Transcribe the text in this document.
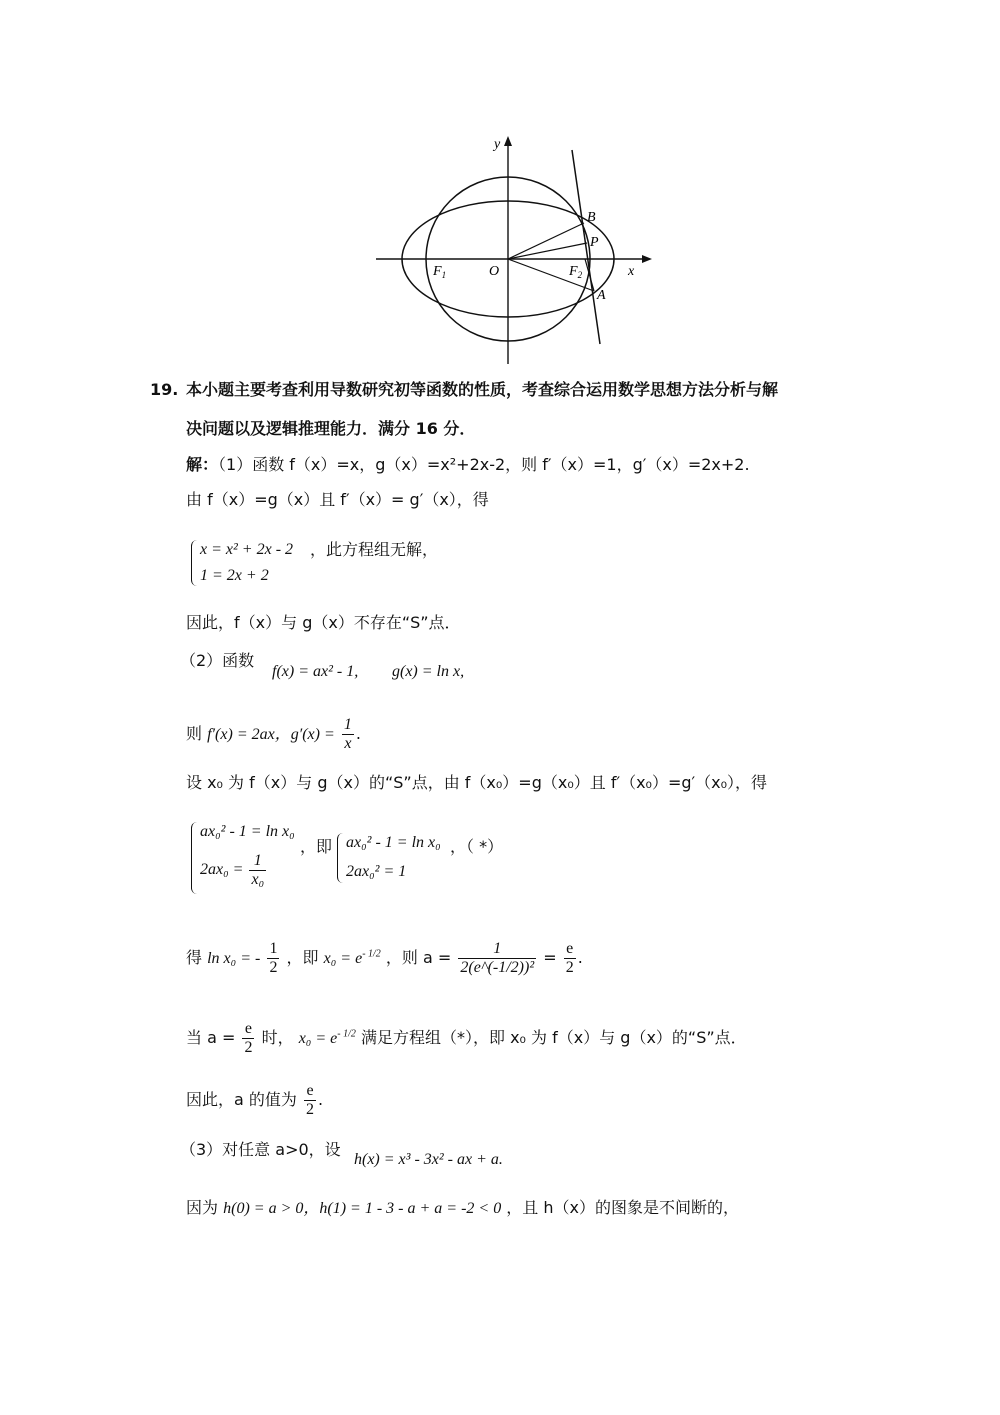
y
x
B
P
O
$F_1$	$F_2$
A
19. 本小题主要考查利用导数研究初等函数的性质，考查综合运用数学思想方法分析与解
决问题以及逻辑推理能力．满分 16 分．
解：（1）函数 f（x）=x，g（x）=x²+2x-2，则 f′（x）=1，g′（x）=2x+2.
由 f（x）=g（x）且 f′（x）= g′（x），得
x = x² + 2x - 2 ，此方程组无解，
1 = 2x + 2
因此，f（x）与 g（x）不存在“S”点．
（2）函数
f(x) = ax² - 1, g(x) = ln x,
则 f′(x) = 2ax，$g'(x) = \frac{1}{x}$ .
设 x₀ 为 f（x）与 g（x）的“S”点，由 f（x₀）=g（x₀）且 f′（x₀）=g′（x₀），得
ax₀² - 1 = ln x₀
$2ax_0 = \frac{1}{\text{x₀}}$
，即 ax₀² - 1 = ln x₀
2ax₀² = 1
，（ *）
得 ln x₀ = - $\frac{1}{2}$ ，即 $x_0 = e^{- 1/2}$ ，则 $a = \frac{1}{\text{2(e\textasciicircum{}(-1/2))²}} = \frac{e}{2}$ .
当 $a = \frac{e}{2}$ 时， $x_0 = e^{- 1/2}$ 满足方程组（*），即 x₀ 为 f（x）与 g（x）的“S”点．
因此，a 的值为 $\frac{e}{2}$ .
（3）对任意 a>0，设
h(x) = x³ - 3x² - ax + a.
因为 h(0) = a > 0，h(1) = 1 - 3 - a + a = -2 < 0 ，且 h（x）的图象是不间断的，
